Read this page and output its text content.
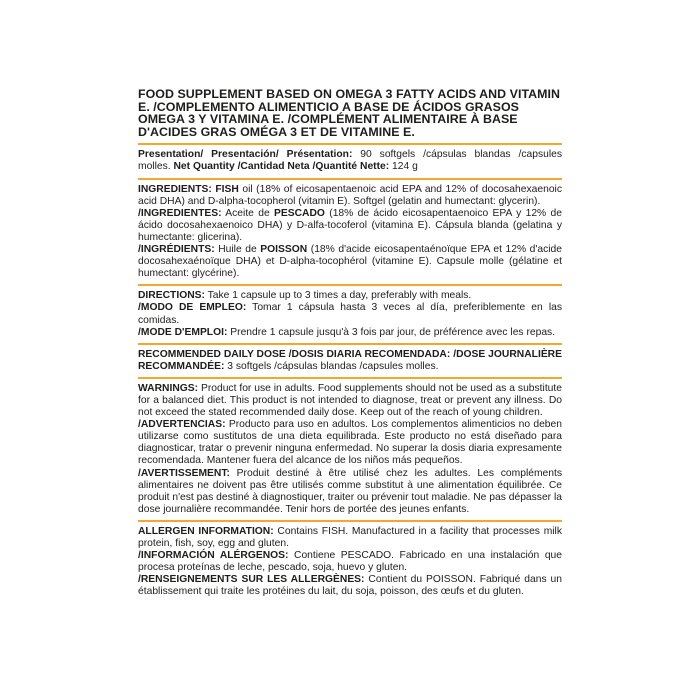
FOOD SUPPLEMENT BASED ON OMEGA 3 FATTY ACIDS AND VITAMIN E. /COMPLEMENTO ALIMENTICIO A BASE DE ÁCIDOS GRASOS OMEGA 3 Y VITAMINA E. /COMPLÉMENT ALIMENTAIRE À BASE D'ACIDES GRAS OMÉGA 3 ET DE VITAMINE E.

Presentation/ Presentación/ Présentation: 90 softgels /cápsulas blandas /capsules molles. Net Quantity /Cantidad Neta /Quantité Nette: 124 g

INGREDIENTS: FISH oil (18% of eicosapentaenoic acid EPA and 12% of docosahexaenoic acid DHA) and D-alpha-tocopherol (vitamin E). Softgel (gelatin and humectant: glycerin).

/INGREDIENTES: Aceite de PESCADO (18% de ácido eicosapentaenoico EPA y 12% de ácido docosahexaenoico DHA) y D-alfa-tocoferol (vitamina E). Cápsula blanda (gelatina y humectante: glicerina).

/INGRÉDIENTS: Huile de POISSON (18% d'acide eicosapentaénoïque EPA et 12% d'acide docosahexaénoïque DHA) et D-alpha-tocophérol (vitamine E). Capsule molle (gélatine et humectant: glycérine).

DIRECTIONS: Take 1 capsule up to 3 times a day, preferably with meals.

/MODO DE EMPLEO: Tomar 1 cápsula hasta 3 veces al día, preferiblemente en las comidas.

/MODE D'EMPLOI: Prendre 1 capsule jusqu'à 3 fois par jour, de préférence avec les repas.

RECOMMENDED DAILY DOSE /DOSIS DIARIA RECOMENDADA: /DOSE JOURNALIÈRE RECOMMANDÉE: 3 softgels /cápsulas blandas /capsules molles.

WARNINGS: Product for use in adults. Food supplements should not be used as a substitute for a balanced diet. This product is not intended to diagnose, treat or prevent any illness. Do not exceed the stated recommended daily dose. Keep out of the reach of young children.

/ADVERTENCIAS: Producto para uso en adultos. Los complementos alimenticios no deben utilizarse como sustitutos de una dieta equilibrada. Este producto no está diseñado para diagnosticar, tratar o prevenir ninguna enfermedad. No superar la dosis diaria expresamente recomendada. Mantener fuera del alcance de los niños más pequeños.

/AVERTISSEMENT: Produit destiné à être utilisé chez les adultes. Les compléments alimentaires ne doivent pas être utilisés comme substitut à une alimentation équilibrée. Ce produit n'est pas destiné à diagnostiquer, traiter ou prévenir tout maladie. Ne pas dépasser la dose journalière recommandée. Tenir hors de portée des jeunes enfants.

ALLERGEN INFORMATION: Contains FISH. Manufactured in a facility that processes milk protein, fish, soy, egg and gluten.

/INFORMACIÓN ALÉRGENOS: Contiene PESCADO. Fabricado en una instalación que procesa proteínas de leche, pescado, soja, huevo y gluten.

/RENSEIGNEMENTS SUR LES ALLERGÈNES: Contient du POISSON. Fabriqué dans un établissement qui traite les protéines du lait, du soja, poisson, des œufs et du gluten.
